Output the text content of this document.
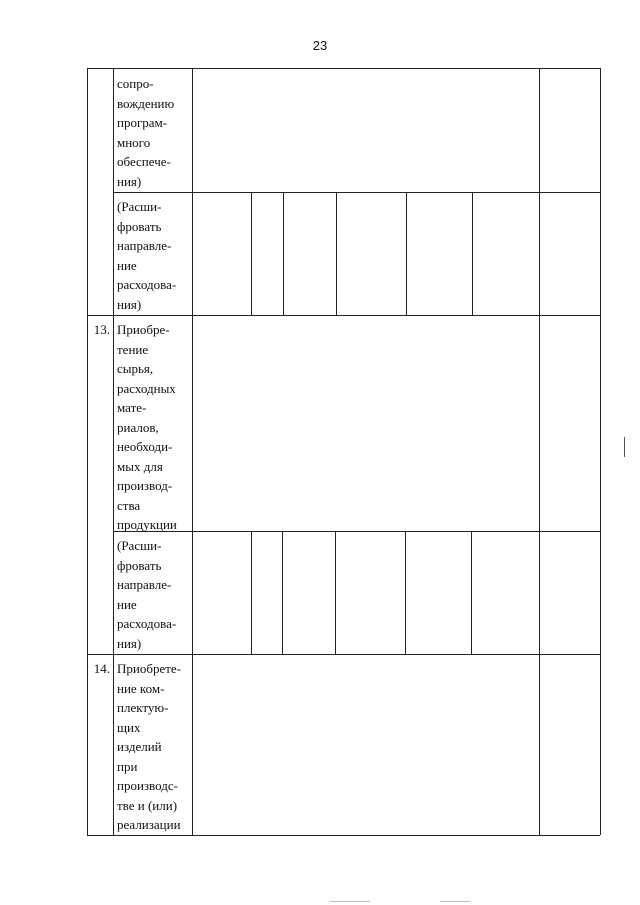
23
сопро-
вождению
програм-
много
обеспече-
ния)
(Расши-
фровать
направле-
ние
расходова-
ния)
13. Приобре-
тение
сырья,
расходных
мате-
риалов,
необходи-
мых для
производ-
ства
продукции
(Расши-
фровать
направле-
ние
расходова-
ния)
14. Приобрете-
ние ком-
плектую-
щих
изделий
при
производс-
тве и (или)
реализации
